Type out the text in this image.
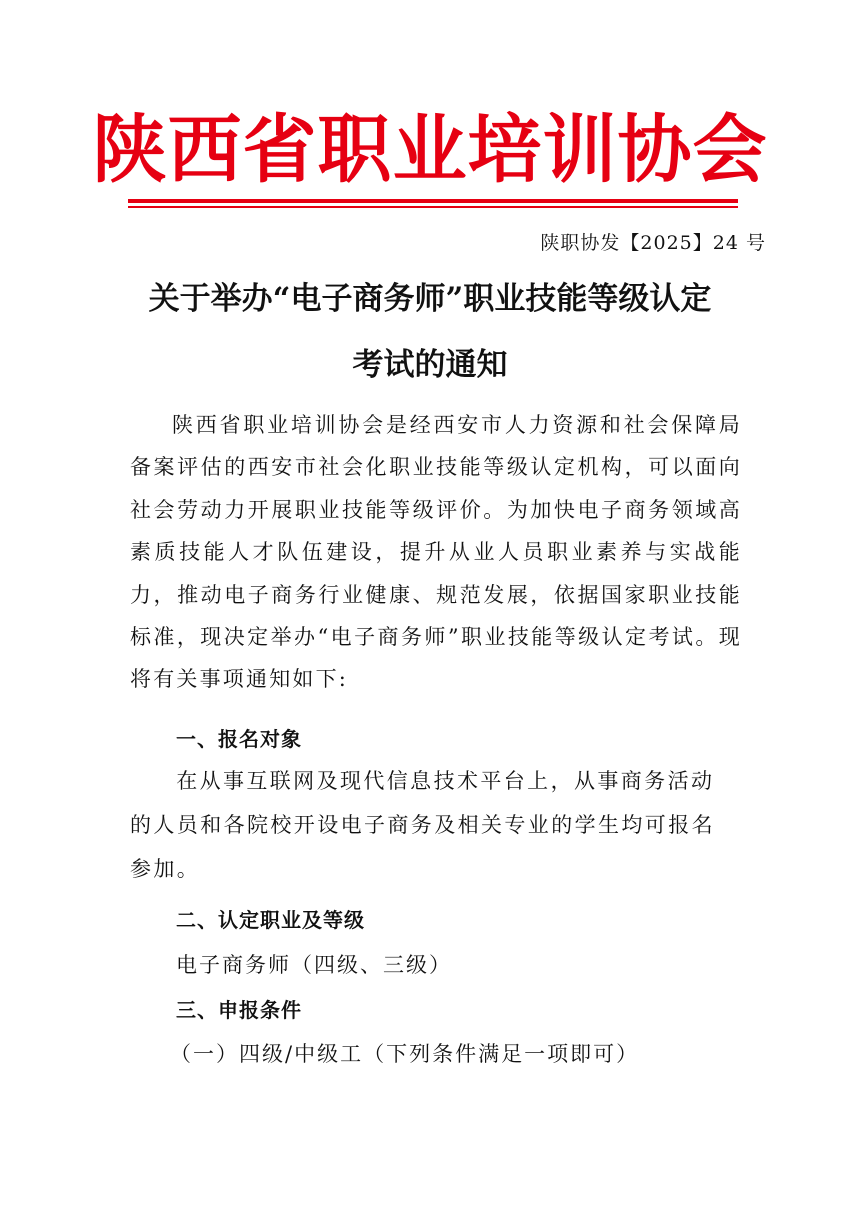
陕西省职业培训协会
陕职协发【2025】24 号
关于举办“电子商务师”职业技能等级认定
考试的通知
陕西省职业培训协会是经西安市人力资源和社会保障局备案评估的西安市社会化职业技能等级认定机构，可以面向社会劳动力开展职业技能等级评价。为加快电子商务领域高素质技能人才队伍建设，提升从业人员职业素养与实战能力，推动电子商务行业健康、规范发展，依据国家职业技能标准，现决定举办“电子商务师”职业技能等级认定考试。现将有关事项通知如下:
一、报名对象
在从事互联网及现代信息技术平台上，从事商务活动的人员和各院校开设电子商务及相关专业的学生均可报名参加。
二、认定职业及等级
电子商务师（四级、三级）
三、申报条件
（一）四级/中级工（下列条件满足一项即可）
